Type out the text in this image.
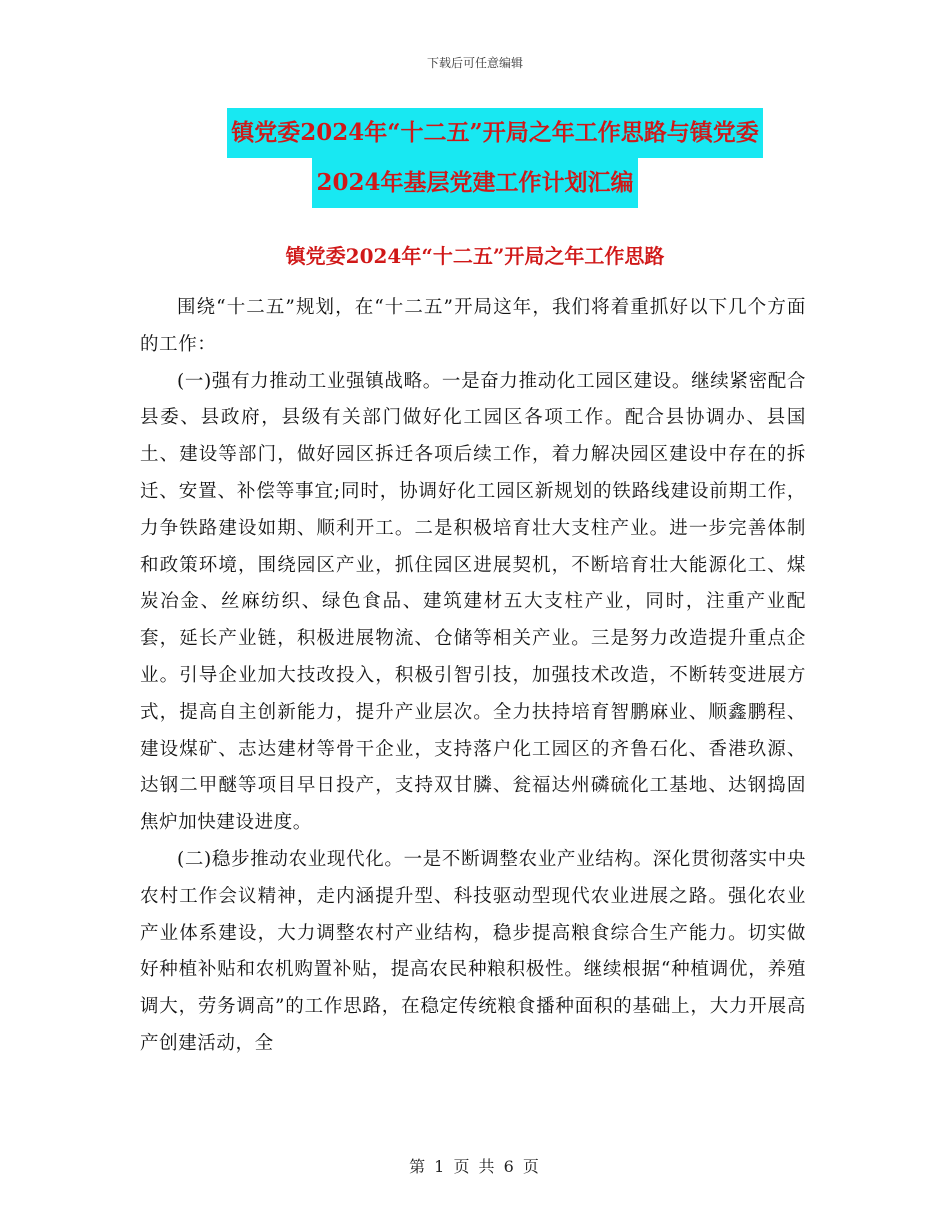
下载后可任意编辑
镇党委2024年“十二五”开局之年工作思路与镇党委
2024年基层党建工作计划汇编
镇党委2024年“十二五”开局之年工作思路

围绕“十二五”规划，在“十二五”开局这年，我们将着重抓好以下几个方面的工作：

(一)强有力推动工业强镇战略。一是奋力推动化工园区建设。继续紧密配合县委、县政府，县级有关部门做好化工园区各项工作。配合县协调办、县国土、建设等部门，做好园区拆迁各项后续工作，着力解决园区建设中存在的拆迁、安置、补偿等事宜;同时，协调好化工园区新规划的铁路线建设前期工作，力争铁路建设如期、顺利开工。二是积极培育壮大支柱产业。进一步完善体制和政策环境，围绕园区产业，抓住园区进展契机，不断培育壮大能源化工、煤炭冶金、丝麻纺织、绿色食品、建筑建材五大支柱产业，同时，注重产业配套，延长产业链，积极进展物流、仓储等相关产业。三是努力改造提升重点企业。引导企业加大技改投入，积极引智引技，加强技术改造，不断转变进展方式，提高自主创新能力，提升产业层次。全力扶持培育智鹏麻业、顺鑫鹏程、建设煤矿、志达建材等骨干企业，支持落户化工园区的齐鲁石化、香港玖源、达钢二甲醚等项目早日投产，支持双甘膦、瓮福达州磷硫化工基地、达钢捣固焦炉加快建设进度。

(二)稳步推动农业现代化。一是不断调整农业产业结构。深化贯彻落实中央农村工作会议精神，走内涵提升型、科技驱动型现代农业进展之路。强化农业产业体系建设，大力调整农村产业结构，稳步提高粮食综合生产能力。切实做好种植补贴和农机购置补贴，提高农民种粮积极性。继续根据“种植调优，养殖调大，劳务调高”的工作思路，在稳定传统粮食播种面积的基础上，大力开展高产创建活动，全

第 1 页 共 6 页
